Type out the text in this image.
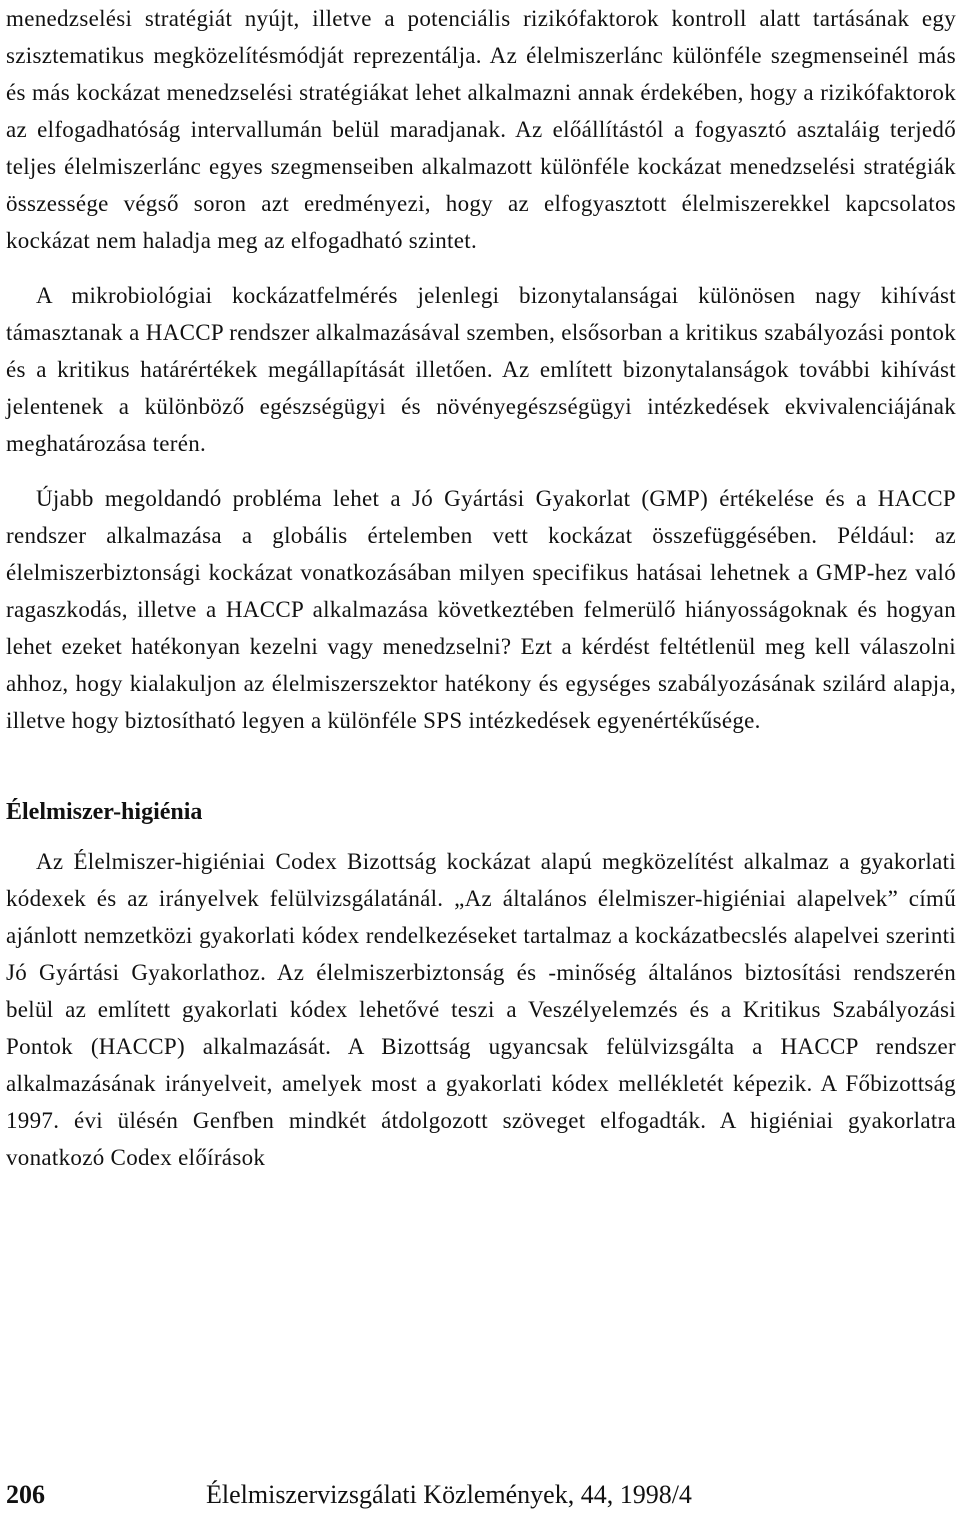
menedzselési stratégiát nyújt, illetve a potenciális rizikófaktorok kontroll alatt tartásának egy szisztematikus megközelítésmódját reprezentálja. Az élelmiszerlánc különféle szegmenseinél más és más kockázat menedzselési stratégiákat lehet alkalmazni annak érdekében, hogy a rizikófaktorok az elfogadhatóság intervallumán belül maradjanak. Az előállítástól a fogyasztó asztaláig terjedő teljes élelmiszerlánc egyes szegmenseiben alkalmazott különféle kockázat menedzselési stratégiák összessége végső soron azt eredményezi, hogy az elfogyasztott élelmiszerekkel kapcsolatos kockázat nem haladja meg az elfogadható szintet.

A mikrobiológiai kockázatfelmérés jelenlegi bizonytalanságai különösen nagy kihívást támasztanak a HACCP rendszer alkalmazásával szemben, elsősorban a kritikus szabályozási pontok és a kritikus határértékek megállapítását illetően. Az említett bizonytalanságok további kihívást jelentenek a különböző egészségügyi és növényegészségügyi intézkedések ekvivalenciájának meghatározása terén.

Újabb megoldandó probléma lehet a Jó Gyártási Gyakorlat (GMP) értékelése és a HACCP rendszer alkalmazása a globális értelemben vett kockázat összefüggésében. Például: az élelmiszerbiztonsági kockázat vonatkozásában milyen specifikus hatásai lehetnek a GMP-hez való ragaszkodás, illetve a HACCP alkalmazása következtében felmerülő hiányosságoknak és hogyan lehet ezeket hatékonyan kezelni vagy menedzselni? Ezt a kérdést feltétlenül meg kell válaszolni ahhoz, hogy kialakuljon az élelmiszerszektor hatékony és egységes szabályozásának szilárd alapja, illetve hogy biztosítható legyen a különféle SPS intézkedések egyenértékűsége.

Élelmiszer-higiénia

Az Élelmiszer-higiéniai Codex Bizottság kockázat alapú megközelítést alkalmaz a gyakorlati kódexek és az irányelvek felülvizsgálatánál. „Az általános élelmiszer-higiéniai alapelvek” című ajánlott nemzetközi gyakorlati kódex rendelkezéseket tartalmaz a kockázatbecslés alapelvei szerinti Jó Gyártási Gyakorlathoz. Az élelmiszerbiztonság és -minőség általános biztosítási rendszerén belül az említett gyakorlati kódex lehetővé teszi a Veszélyelemzés és a Kritikus Szabályozási Pontok (HACCP) alkalmazását. A Bizottság ugyancsak felülvizsgálta a HACCP rendszer alkalmazásának irányelveit, amelyek most a gyakorlati kódex mellékletét képezik. A Főbizottság 1997. évi ülésén Genfben mindkét átdolgozott szöveget elfogadták. A higiéniai gyakorlatra vonatkozó Codex előírások

206	Élelmiszervizsgálati Közlemények, 44, 1998/4
